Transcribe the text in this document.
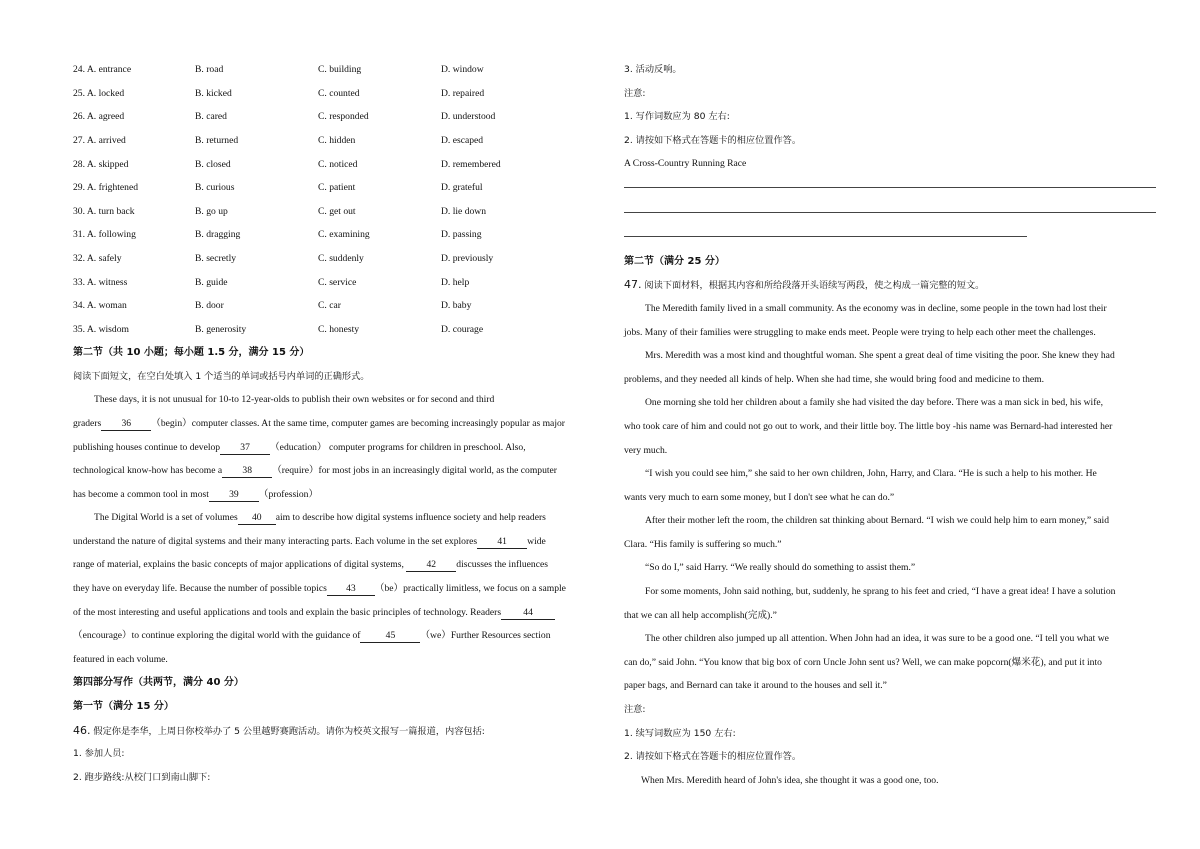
24. A. entrance	B. road	C. building	D. window
25. A. locked	B. kicked	C. counted	D. repaired
26. A. agreed	B. cared	C. responded	D. understood
27. A. arrived	B. returned	C. hidden	D. escaped
28. A. skipped	B. closed	C. noticed	D. remembered
29. A. frightened	B. curious	C. patient	D. grateful
30. A. turn back	B. go up	C. get out	D. lie down
31. A. following	B. dragging	C. examining	D. passing
32. A. safely	B. secretly	C. suddenly	D. previously
33. A. witness	B. guide	C. service	D. help
34. A. woman	B. door	C. car	D. baby
35. A. wisdom	B. generosity	C. honesty	D. courage
第二节（共 10 小题；每小题 1.5 分，满分 15 分）
阅读下面短文，在空白处填入 1 个适当的单词或括号内单词的正确形式。
These days, it is not unusual for 10-to 12-year-olds to publish their own websites or for second and third
graders 36 （begin）computer classes. At the same time, computer games are becoming increasingly popular as major
publishing houses continue to develop 37 （education） computer programs for children in preschool. Also,
technological know-how has become a 38 （require）for most jobs in an increasingly digital world, as the computer
has become a common tool in most 39 （profession）
The Digital World is a set of volumes 40 aim to describe how digital systems influence society and help readers
understand the nature of digital systems and their many interacting parts. Each volume in the set explores 41 wide
range of material, explains the basic concepts of major applications of digital systems, 42 discusses the influences
they have on everyday life. Because the number of possible topics 43 （be）practically limitless, we focus on a sample
of the most interesting and useful applications and tools and explain the basic principles of technology. Readers 44
（encourage）to continue exploring the digital world with the guidance of	45	（we）Further Resources section
featured in each volume.
第四部分写作（共两节，满分 40 分）
第一节（满分 15 分）
46. 假定你是李华，上周日你校举办了 5 公里越野赛跑活动。请你为校英文报写一篇报道，内容包括:
1. 参加人员:
2. 跑步路线:从校门口到南山脚下:
3. 活动反响。
注意:
1. 写作词数应为 80 左右:
2. 请按如下格式在答题卡的相应位置作答。
A Cross-Country Running Race
第二节（满分 25 分）
47. 阅读下面材料，根据其内容和所给段落开头语续写两段，使之构成一篇完整的短文。
The Meredith family lived in a small community. As the economy was in decline, some people in the town had lost their
jobs. Many of their families were struggling to make ends meet. People were trying to help each other meet the challenges.
Mrs. Meredith was a most kind and thoughtful woman. She spent a great deal of time visiting the poor. She knew they had
problems, and they needed all kinds of help. When she had time, she would bring food and medicine to them.
One morning she told her children about a family she had visited the day before. There was a man sick in bed, his wife,
who took care of him and could not go out to work, and their little boy. The little boy -his name was Bernard-had interested her
very much.
“I wish you could see him,” she said to her own children, John, Harry, and Clara. “He is such a help to his mother. He
wants very much to earn some money, but I don't see what he can do.”
After their mother left the room, the children sat thinking about Bernard. “I wish we could help him to earn money,” said
Clara. “His family is suffering so much.”
“So do I,” said Harry. “We really should do something to assist them.”
For some moments, John said nothing, but, suddenly, he sprang to his feet and cried, “I have a great idea! I have a solution
that we can all help accomplish(完成).”
The other children also jumped up all attention. When John had an idea, it was sure to be a good one. “I tell you what we
can do,” said John. “You know that big box of corn Uncle John sent us? Well, we can make popcorn(爆米花), and put it into
paper bags, and Bernard can take it around to the houses and sell it.”
注意:
1. 续写词数应为 150 左右:
2. 请按如下格式在答题卡的相应位置作答。
When Mrs. Meredith heard of John's idea, she thought it was a good one, too.
